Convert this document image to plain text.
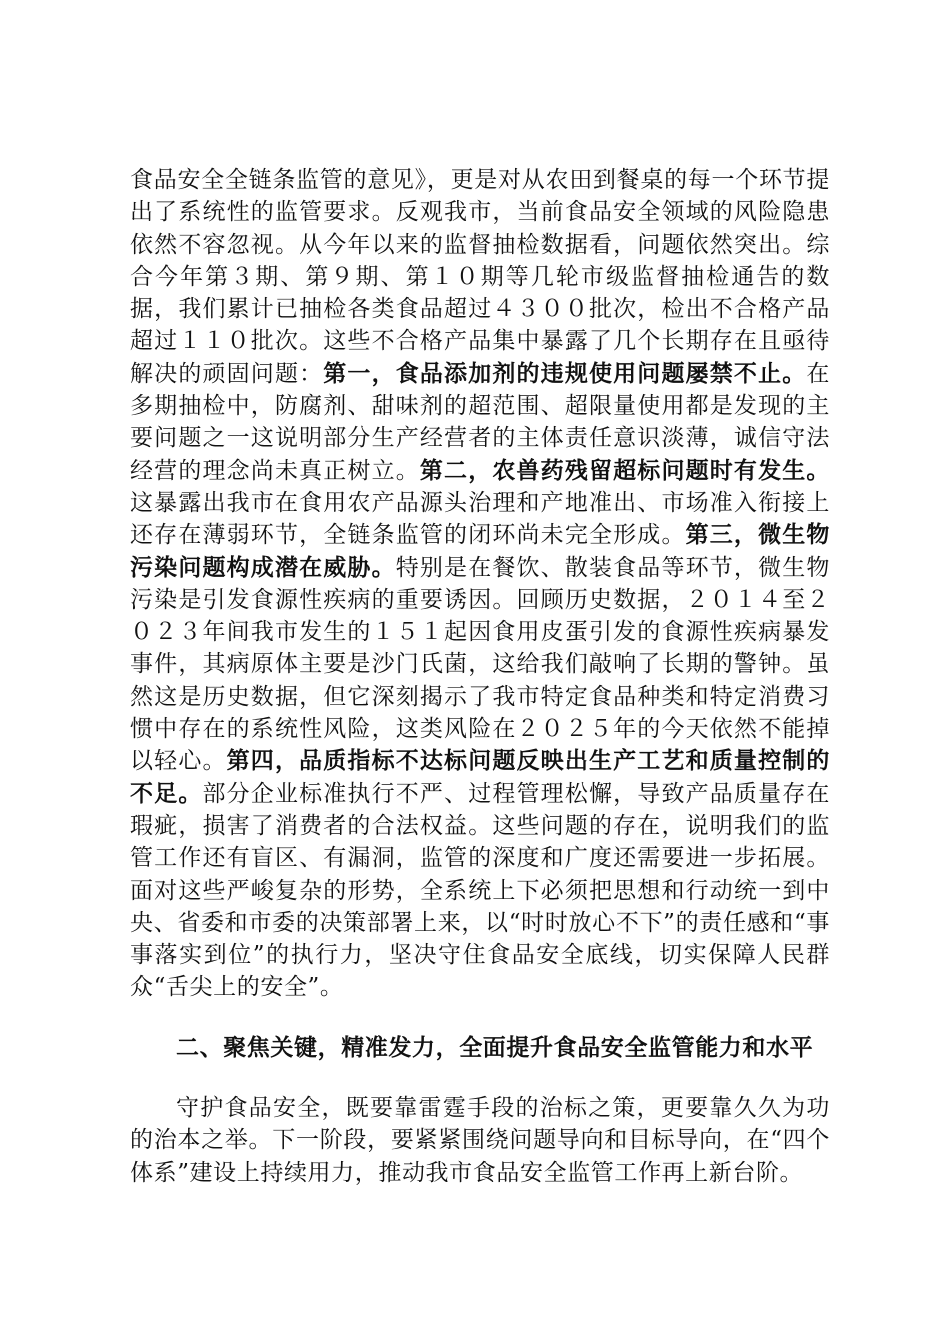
食品安全全链条监管的意见》，更是对从农田到餐桌的每一个环节提出了系统性的监管要求。反观我市，当前食品安全领域的风险隐患依然不容忽视。从今年以来的监督抽检数据看，问题依然突出。综合今年第３期、第９期、第１０期等几轮市级监督抽检通告的数据，我们累计已抽检各类食品超过４３００批次，检出不合格产品超过１１０批次。这些不合格产品集中暴露了几个长期存在且亟待解决的顽固问题：第一，食品添加剂的违规使用问题屡禁不止。在多期抽检中，防腐剂、甜味剂的超范围、超限量使用都是发现的主要问题之一这说明部分生产经营者的主体责任意识淡薄，诚信守法经营的理念尚未真正树立。第二，农兽药残留超标问题时有发生。这暴露出我市在食用农产品源头治理和产地准出、市场准入衔接上还存在薄弱环节，全链条监管的闭环尚未完全形成。第三，微生物污染问题构成潜在威胁。特别是在餐饮、散装食品等环节，微生物污染是引发食源性疾病的重要诱因。回顾历史数据，２０１４至２０２３年间我市发生的１５１起因食用皮蛋引发的食源性疾病暴发事件，其病原体主要是沙门氏菌，这给我们敲响了长期的警钟。虽然这是历史数据，但它深刻揭示了我市特定食品种类和特定消费习惯中存在的系统性风险，这类风险在２０２５年的今天依然不能掉以轻心。第四，品质指标不达标问题反映出生产工艺和质量控制的不足。部分企业标准执行不严、过程管理松懈，导致产品质量存在瑕疵，损害了消费者的合法权益。这些问题的存在，说明我们的监管工作还有盲区、有漏洞，监管的深度和广度还需要进一步拓展。面对这些严峻复杂的形势，全系统上下必须把思想和行动统一到中央、省委和市委的决策部署上来，以“时时放心不下”的责任感和“事事落实到位”的执行力，坚决守住食品安全底线，切实保障人民群众“舌尖上的安全”。

二、聚焦关键，精准发力，全面提升食品安全监管能力和水平

守护食品安全，既要靠雷霆手段的治标之策，更要靠久久为功的治本之举。下一阶段，要紧紧围绕问题导向和目标导向，在“四个体系”建设上持续用力，推动我市食品安全监管工作再上新台阶。
